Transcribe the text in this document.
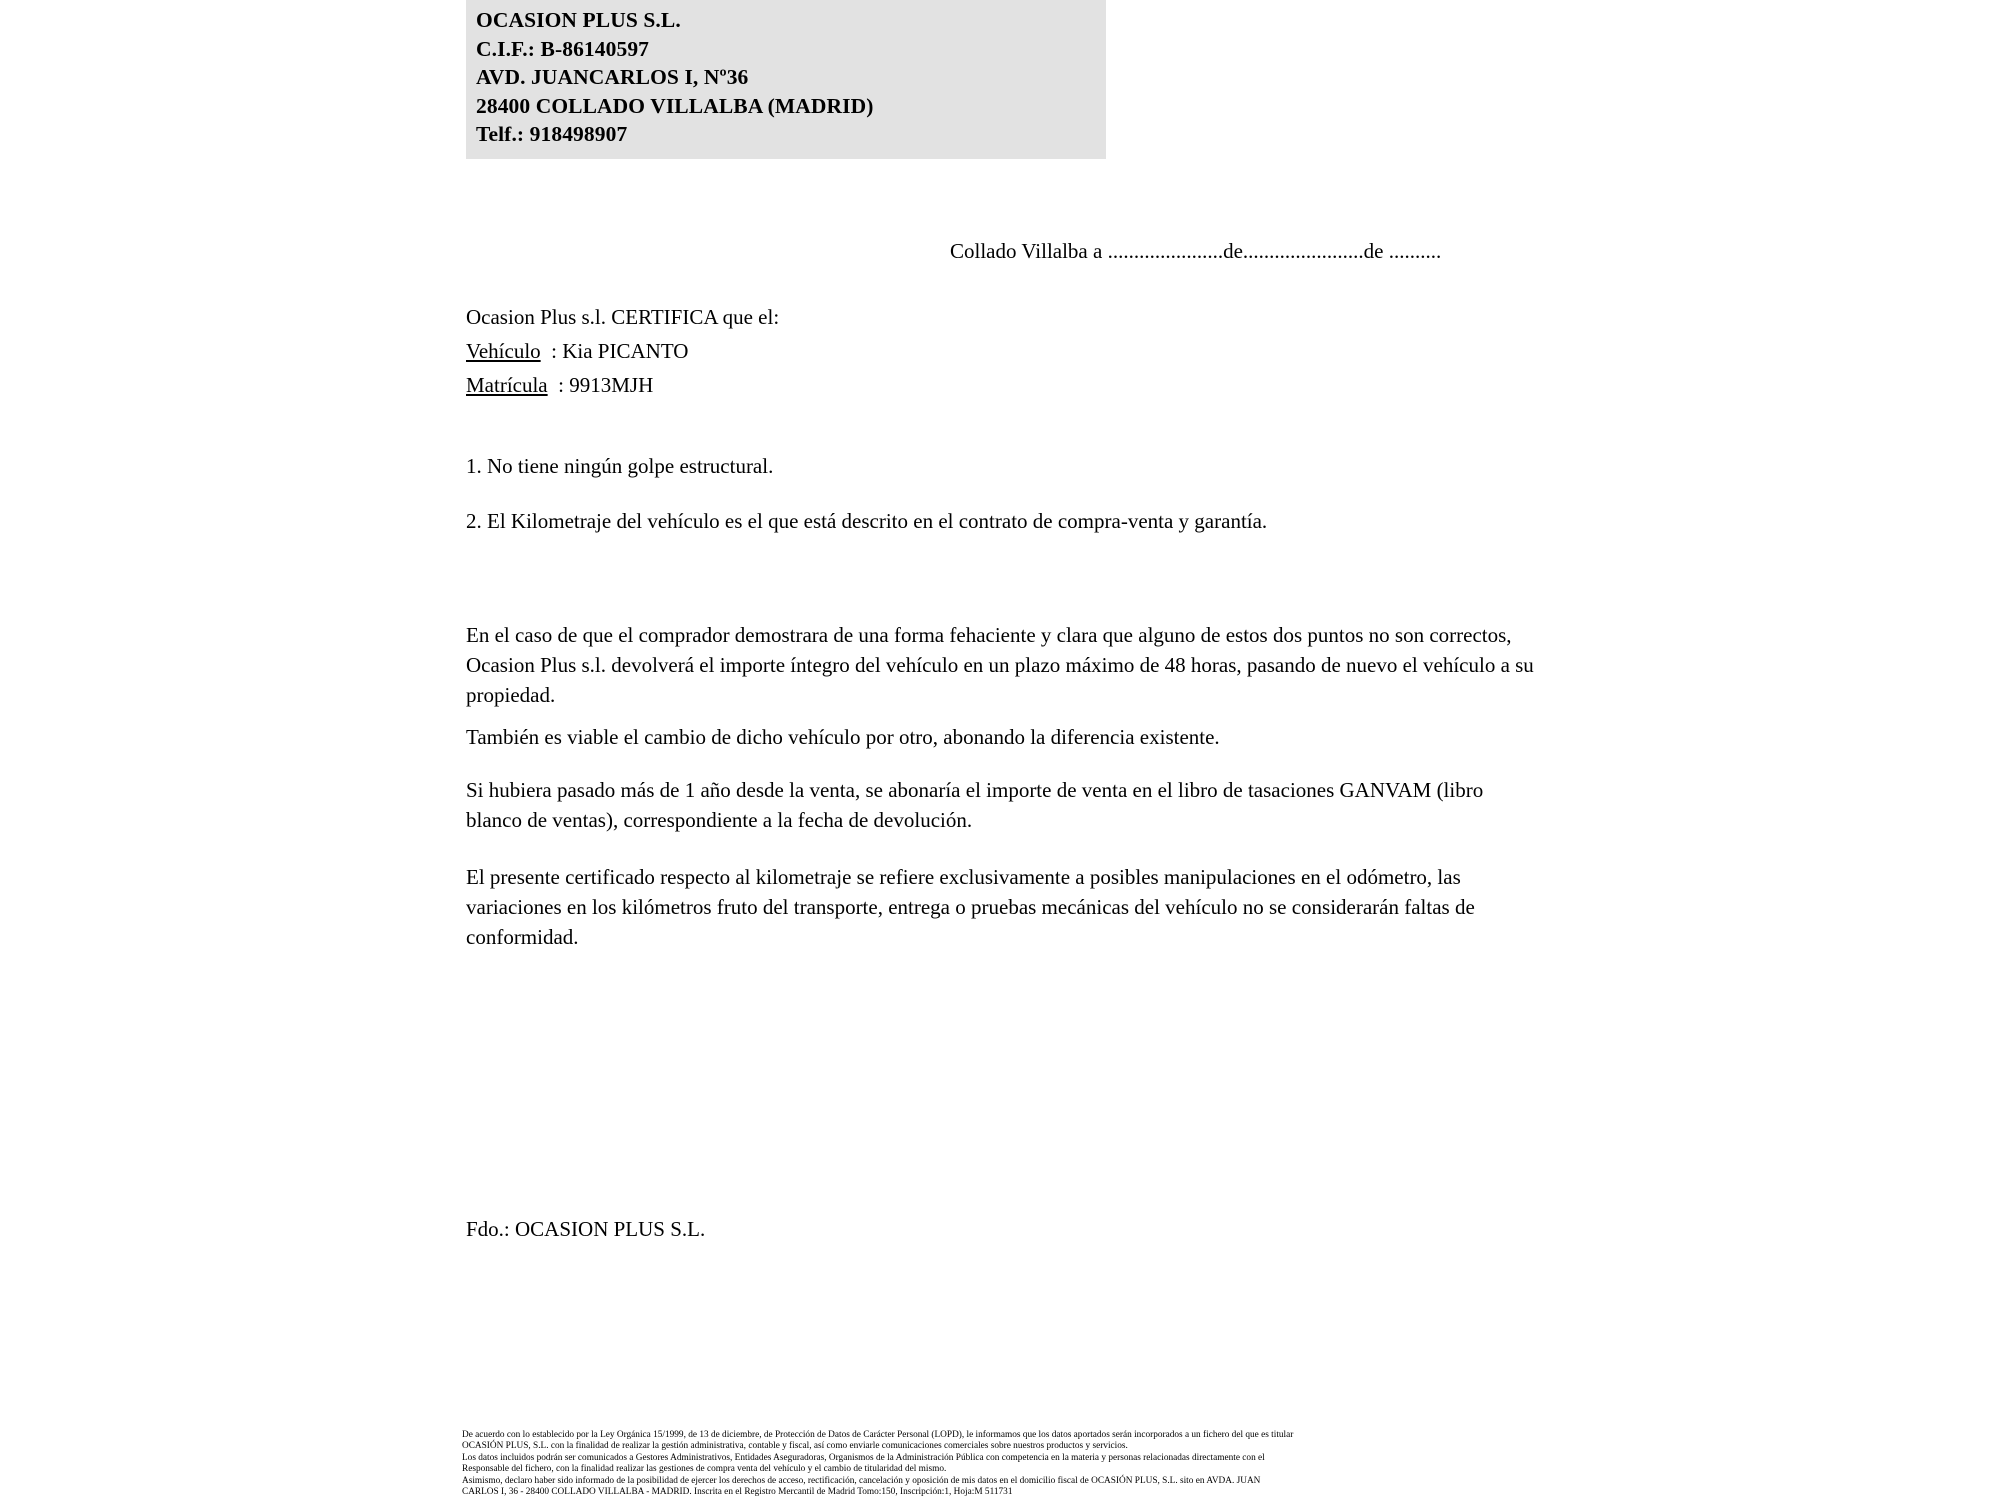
OCASION PLUS S.L.
C.I.F.: B-86140597
AVD. JUANCARLOS I, Nº36
28400 COLLADO VILLALBA (MADRID)
Telf.: 918498907
Collado Villalba a ......................de.......................de ..........
Ocasion Plus s.l. CERTIFICA que el:
Vehículo  : Kia PICANTO
Matrícula  : 9913MJH
1. No tiene ningún golpe estructural.
2. El Kilometraje del vehículo es el que está descrito en el contrato de compra-venta y garantía.
En el caso de que el comprador demostrara de una forma fehaciente y clara que alguno de estos dos puntos no son correctos, Ocasion Plus s.l. devolverá el importe íntegro del vehículo en un plazo máximo de 48 horas, pasando de nuevo el vehículo a su propiedad.
También es viable el cambio de dicho vehículo por otro, abonando la diferencia existente.
Si hubiera pasado más de 1 año desde la venta, se abonaría el importe de venta en el libro de tasaciones GANVAM (libro blanco de ventas), correspondiente a la fecha de devolución.
El presente certificado respecto al kilometraje se refiere exclusivamente a posibles manipulaciones en el odómetro, las variaciones en los kilómetros fruto del transporte, entrega o pruebas mecánicas del vehículo no se considerarán faltas de conformidad.
Fdo.: OCASION PLUS S.L.

De acuerdo con lo establecido por la Ley Orgánica 15/1999, de 13 de diciembre, de Protección de Datos de Carácter Personal (LOPD), le informamos que los datos aportados serán incorporados a un fichero del que es titular

OCASIÓN PLUS, S.L. con la finalidad de realizar la gestión administrativa, contable y fiscal, así como enviarle comunicaciones comerciales sobre nuestros productos y servicios.

Los datos incluidos podrán ser comunicados a Gestores Administrativos, Entidades Aseguradoras, Organismos de la Administración Pública con competencia en la materia y personas relacionadas directamente con el

Responsable del fichero, con la finalidad realizar las gestiones de compra venta del vehículo y el cambio de titularidad del mismo.

Asimismo, declaro haber sido informado de la posibilidad de ejercer los derechos de acceso, rectificación, cancelación y oposición de mis datos en el domicilio fiscal de OCASIÓN PLUS, S.L. sito en AVDA. JUAN

CARLOS I, 36 - 28400 COLLADO VILLALBA - MADRID. Inscrita en el Registro Mercantil de Madrid Tomo:150, Inscripción:1, Hoja:M 511731
